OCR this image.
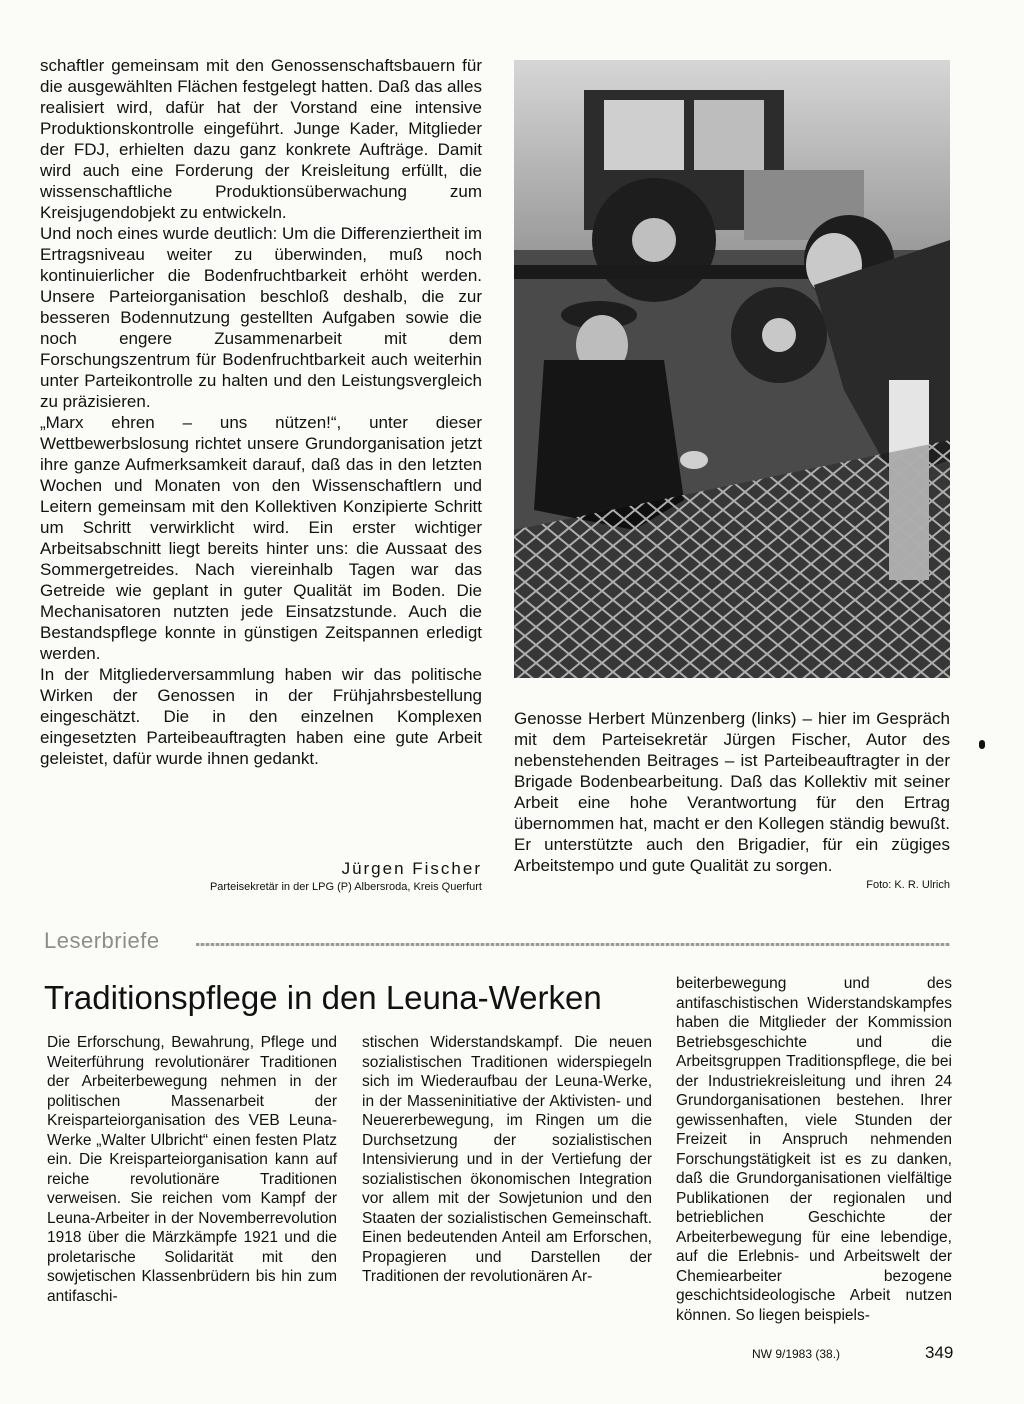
schaftler gemeinsam mit den Genossenschaftsbauern für die ausgewählten Flächen festgelegt hatten. Daß das alles realisiert wird, dafür hat der Vorstand eine intensive Produktionskontrolle eingeführt. Junge Kader, Mitglieder der FDJ, erhielten dazu ganz konkrete Aufträge. Damit wird auch eine Forderung der Kreisleitung erfüllt, die wissenschaftliche Produktionsüberwachung zum Kreisjugendobjekt zu entwickeln.

Und noch eines wurde deutlich: Um die Differenziertheit im Ertragsniveau weiter zu überwinden, muß noch kontinuierlicher die Bodenfruchtbarkeit erhöht werden. Unsere Parteiorganisation beschloß deshalb, die zur besseren Bodennutzung gestellten Aufgaben sowie die noch engere Zusammenarbeit mit dem Forschungszentrum für Bodenfruchtbarkeit auch weiterhin unter Parteikontrolle zu halten und den Leistungsvergleich zu präzisieren.

„Marx ehren – uns nützen!“, unter dieser Wettbewerbslosung richtet unsere Grundorganisation jetzt ihre ganze Aufmerksamkeit darauf, daß das in den letzten Wochen und Monaten von den Wissenschaftlern und Leitern gemeinsam mit den Kollektiven Konzipierte Schritt um Schritt verwirklicht wird. Ein erster wichtiger Arbeitsabschnitt liegt bereits hinter uns: die Aussaat des Sommergetreides. Nach viereinhalb Tagen war das Getreide wie geplant in guter Qualität im Boden. Die Mechanisatoren nutzten jede Einsatzstunde. Auch die Bestandspflege konnte in günstigen Zeitspannen erledigt werden.

In der Mitgliederversammlung haben wir das politische Wirken der Genossen in der Frühjahrsbestellung eingeschätzt. Die in den einzelnen Komplexen eingesetzten Parteibeauftragten haben eine gute Arbeit geleistet, dafür wurde ihnen gedankt.

Jürgen Fischer
Parteisekretär in der LPG (P) Albersroda, Kreis Querfurt
Genosse Herbert Münzenberg (links) – hier im Gespräch mit dem Parteisekretär Jürgen Fischer, Autor des nebenstehenden Beitrages – ist Parteibeauftragter in der Brigade Bodenbearbeitung. Daß das Kollektiv mit seiner Arbeit eine hohe Verantwortung für den Ertrag übernommen hat, macht er den Kollegen ständig bewußt. Er unterstützte auch den Brigadier, für ein zügiges Arbeitstempo und gute Qualität zu sorgen.
Foto: K. R. Ulrich
Leserbriefe
Traditionspflege in den Leuna-Werken

Die Erforschung, Bewahrung, Pflege und Weiterführung revolutionärer Traditionen der Arbeiterbewegung nehmen in der politischen Massenarbeit der Kreisparteiorganisation des VEB Leuna-Werke „Walter Ulbricht“ einen festen Platz ein. Die Kreisparteiorganisation kann auf reiche revolutionäre Traditionen verweisen. Sie reichen vom Kampf der Leuna-Arbeiter in der Novemberrevolution 1918 über die Märzkämpfe 1921 und die proletarische Solidarität mit den sowjetischen Klassenbrüdern bis hin zum antifaschi-

stischen Widerstandskampf. Die neuen sozialistischen Traditionen widerspiegeln sich im Wiederaufbau der Leuna-Werke, in der Masseninitiative der Aktivisten- und Neuererbewegung, im Ringen um die Durchsetzung der sozialistischen Intensivierung und in der Vertiefung der sozialistischen ökonomischen Integration vor allem mit der Sowjetunion und den Staaten der sozialistischen Gemeinschaft. Einen bedeutenden Anteil am Erforschen, Propagieren und Darstellen der Traditionen der revolutionären Ar-

beiterbewegung und des antifaschistischen Widerstandskampfes haben die Mitglieder der Kommission Betriebsgeschichte und die Arbeitsgruppen Traditionspflege, die bei der Industriekreisleitung und ihren 24 Grundorganisationen bestehen. Ihrer gewissenhaften, viele Stunden der Freizeit in Anspruch nehmenden Forschungstätigkeit ist es zu danken, daß die Grundorganisationen vielfältige Publikationen der regionalen und betrieblichen Geschichte der Arbeiterbewegung für eine lebendige, auf die Erlebnis- und Arbeitswelt der Chemiearbeiter bezogene geschichtsideologische Arbeit nutzen können. So liegen beispiels-

NW 9/1983 (38.)	349
